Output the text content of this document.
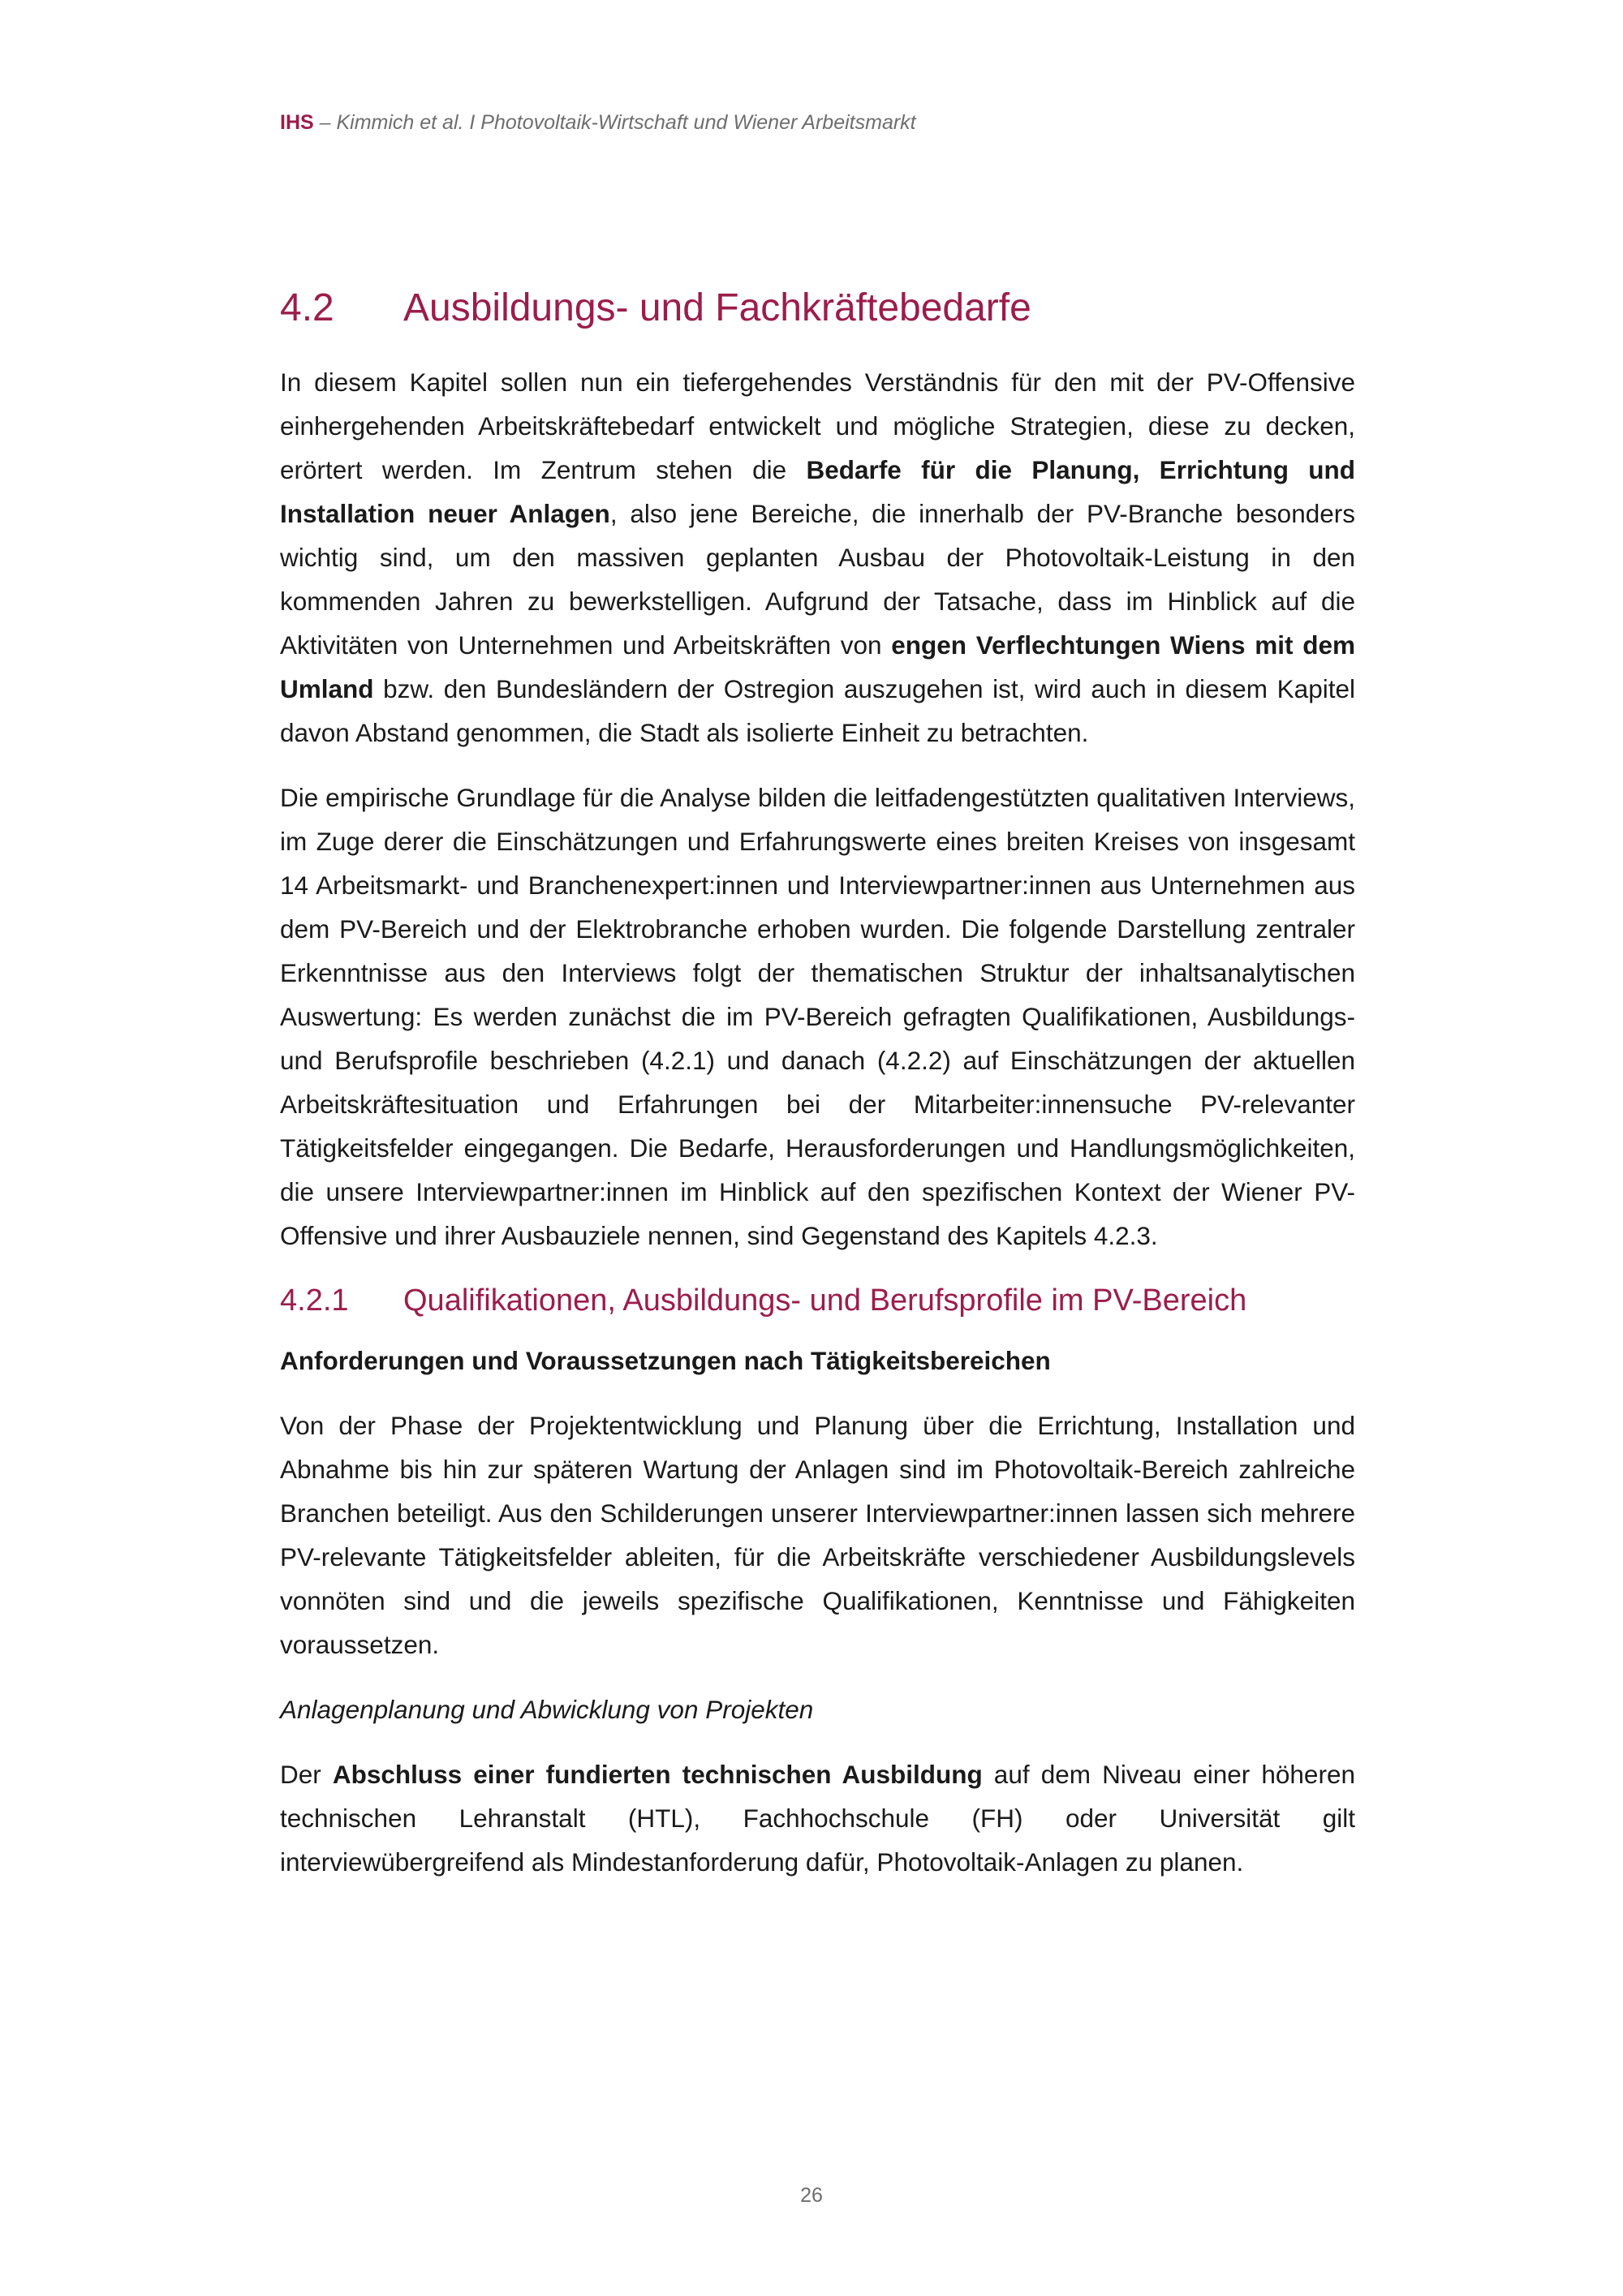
IHS – Kimmich et al. I Photovoltaik-Wirtschaft und Wiener Arbeitsmarkt
4.2	Ausbildungs- und Fachkräftebedarfe

In diesem Kapitel sollen nun ein tiefergehendes Verständnis für den mit der PV-Offensive einhergehenden Arbeitskräftebedarf entwickelt und mögliche Strategien, diese zu decken, erörtert werden. Im Zentrum stehen die Bedarfe für die Planung, Errichtung und Installation neuer Anlagen, also jene Bereiche, die innerhalb der PV-Branche besonders wichtig sind, um den massiven geplanten Ausbau der Photovoltaik-Leistung in den kommenden Jahren zu bewerkstelligen. Aufgrund der Tatsache, dass im Hinblick auf die Aktivitäten von Unternehmen und Arbeitskräften von engen Verflechtungen Wiens mit dem Umland bzw. den Bundesländern der Ostregion auszugehen ist, wird auch in diesem Kapitel davon Abstand genommen, die Stadt als isolierte Einheit zu betrachten.

Die empirische Grundlage für die Analyse bilden die leitfadengestützten qualitativen Interviews, im Zuge derer die Einschätzungen und Erfahrungswerte eines breiten Kreises von insgesamt 14 Arbeitsmarkt- und Branchenexpert:innen und Interviewpartner:innen aus Unternehmen aus dem PV-Bereich und der Elektrobranche erhoben wurden. Die folgende Darstellung zentraler Erkenntnisse aus den Interviews folgt der thematischen Struktur der inhaltsanalytischen Auswertung: Es werden zunächst die im PV-Bereich gefragten Qualifikationen, Ausbildungs- und Berufsprofile beschrieben (4.2.1) und danach (4.2.2) auf Einschätzungen der aktuellen Arbeitskräftesituation und Erfahrungen bei der Mitarbeiter:innensuche PV-relevanter Tätigkeitsfelder eingegangen. Die Bedarfe, Herausforderungen und Handlungsmöglichkeiten, die unsere Interviewpartner:innen im Hinblick auf den spezifischen Kontext der Wiener PV-Offensive und ihrer Ausbauziele nennen, sind Gegenstand des Kapitels 4.2.3.

4.2.1	Qualifikationen, Ausbildungs- und Berufsprofile im PV-Bereich

Anforderungen und Voraussetzungen nach Tätigkeitsbereichen

Von der Phase der Projektentwicklung und Planung über die Errichtung, Installation und Abnahme bis hin zur späteren Wartung der Anlagen sind im Photovoltaik-Bereich zahlreiche Branchen beteiligt. Aus den Schilderungen unserer Interviewpartner:innen lassen sich mehrere PV-relevante Tätigkeitsfelder ableiten, für die Arbeitskräfte verschiedener Ausbildungslevels vonnöten sind und die jeweils spezifische Qualifikationen, Kenntnisse und Fähigkeiten voraussetzen.

Anlagenplanung und Abwicklung von Projekten

Der Abschluss einer fundierten technischen Ausbildung auf dem Niveau einer höheren technischen Lehranstalt (HTL), Fachhochschule (FH) oder Universität gilt interviewübergreifend als Mindestanforderung dafür, Photovoltaik-Anlagen zu planen.

26
